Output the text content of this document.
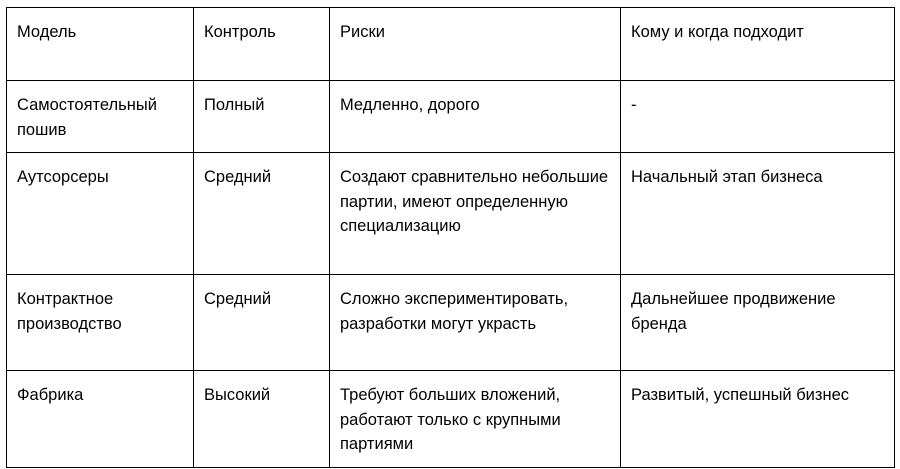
Модель	Контроль	Риски	Кому и когда подходит
Самостоятельный пошив	Полный	Медленно, дорого	-
Аутсорсеры	Средний	Создают сравнительно небольшие партии, имеют определенную специализацию	Начальный этап бизнеса
Контрактное производство	Средний	Сложно экспериментировать, разработки могут украсть	Дальнейшее продвижение бренда
Фабрика	Высокий	Требуют больших вложений, работают только с крупными партиями	Развитый, успешный бизнес
